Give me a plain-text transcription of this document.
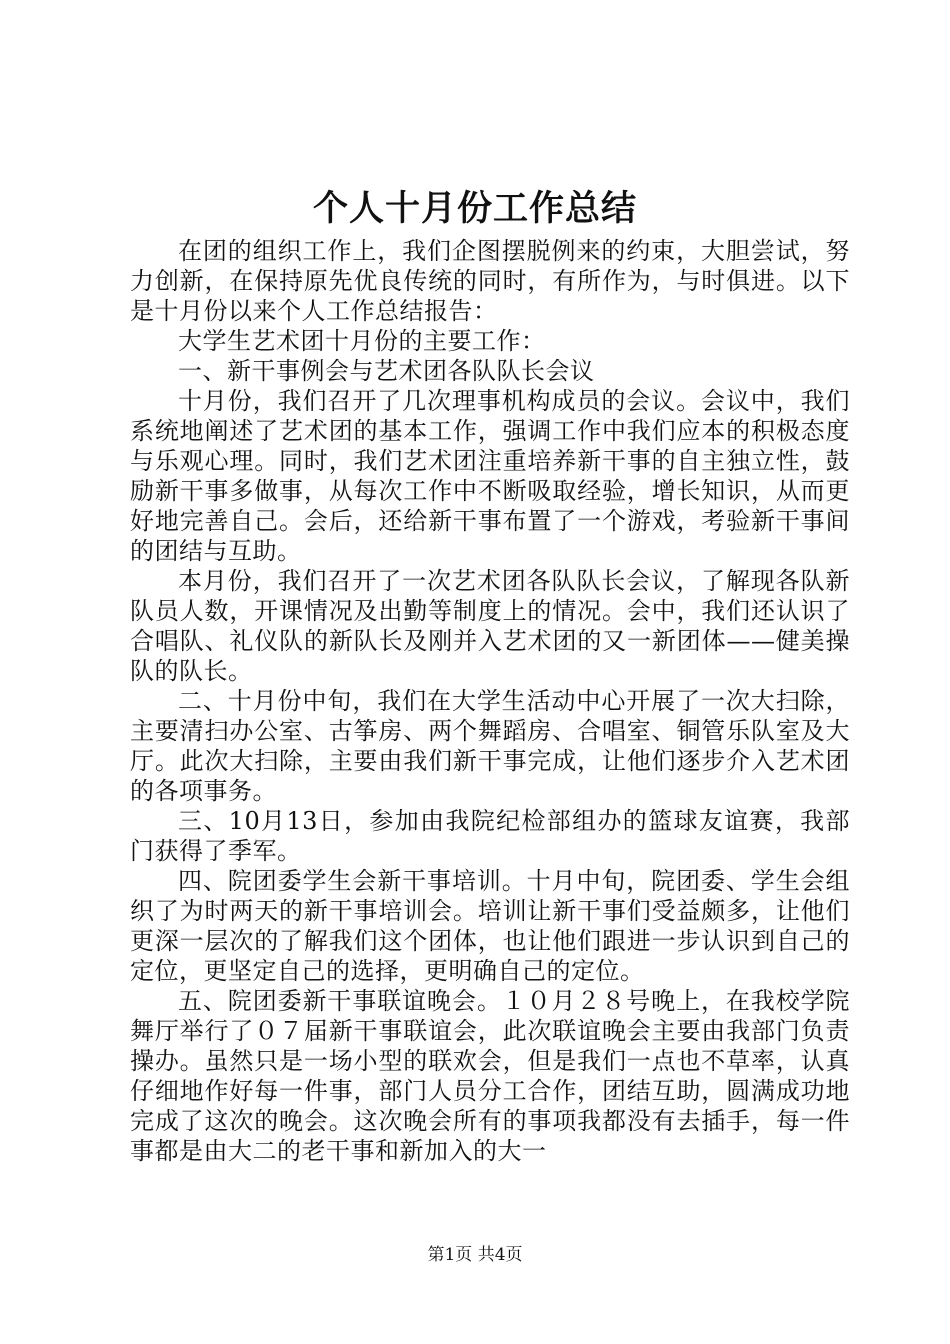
个人十月份工作总结

在团的组织工作上，我们企图摆脱例来的约束，大胆尝试，努力创新，在保持原先优良传统的同时，有所作为，与时俱进。以下是十月份以来个人工作总结报告：

大学生艺术团十月份的主要工作：

一、新干事例会与艺术团各队队长会议

十月份，我们召开了几次理事机构成员的会议。会议中，我们系统地阐述了艺术团的基本工作，强调工作中我们应本的积极态度与乐观心理。同时，我们艺术团注重培养新干事的自主独立性，鼓励新干事多做事，从每次工作中不断吸取经验，增长知识，从而更好地完善自己。会后，还给新干事布置了一个游戏，考验新干事间的团结与互助。

本月份，我们召开了一次艺术团各队队长会议，了解现各队新队员人数，开课情况及出勤等制度上的情况。会中，我们还认识了合唱队、礼仪队的新队长及刚并入艺术团的又一新团体——健美操队的队长。

二、十月份中旬，我们在大学生活动中心开展了一次大扫除，主要清扫办公室、古筝房、两个舞蹈房、合唱室、铜管乐队室及大厅。此次大扫除，主要由我们新干事完成，让他们逐步介入艺术团的各项事务。

三、10月13日，参加由我院纪检部组办的篮球友谊赛，我部门获得了季军。

四、院团委学生会新干事培训。十月中旬，院团委、学生会组织了为时两天的新干事培训会。培训让新干事们受益颇多，让他们更深一层次的了解我们这个团体，也让他们跟进一步认识到自己的定位，更坚定自己的选择，更明确自己的定位。

五、院团委新干事联谊晚会。１０月２８号晚上，在我校学院舞厅举行了０７届新干事联谊会，此次联谊晚会主要由我部门负责操办。虽然只是一场小型的联欢会，但是我们一点也不草率，认真仔细地作好每一件事，部门人员分工合作，团结互助，圆满成功地完成了这次的晚会。这次晚会所有的事项我都没有去插手，每一件事都是由大二的老干事和新加入的大一

第1页 共4页
